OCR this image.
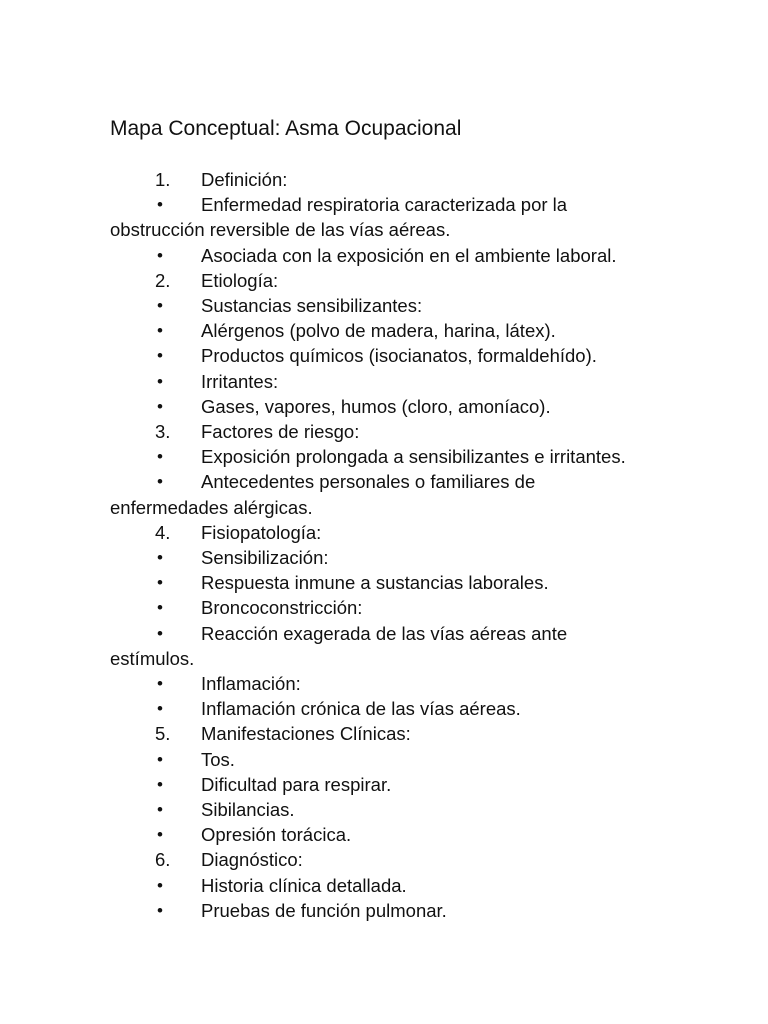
Mapa Conceptual: Asma Ocupacional
1.	Definición:
•	Enfermedad respiratoria caracterizada por la
obstrucción reversible de las vías aéreas.
•	Asociada con la exposición en el ambiente laboral.
2.	Etiología:
•	Sustancias sensibilizantes:
•	Alérgenos (polvo de madera, harina, látex).
•	Productos químicos (isocianatos, formaldehído).
•	Irritantes:
•	Gases, vapores, humos (cloro, amoníaco).
3.	Factores de riesgo:
•	Exposición prolongada a sensibilizantes e irritantes.
•	Antecedentes personales o familiares de
enfermedades alérgicas.
4.	Fisiopatología:
•	Sensibilización:
•	Respuesta inmune a sustancias laborales.
•	Broncoconstricción:
•	Reacción exagerada de las vías aéreas ante
estímulos.
•	Inflamación:
•	Inflamación crónica de las vías aéreas.
5.	Manifestaciones Clínicas:
•	Tos.
•	Dificultad para respirar.
•	Sibilancias.
•	Opresión torácica.
6.	Diagnóstico:
•	Historia clínica detallada.
•	Pruebas de función pulmonar.
